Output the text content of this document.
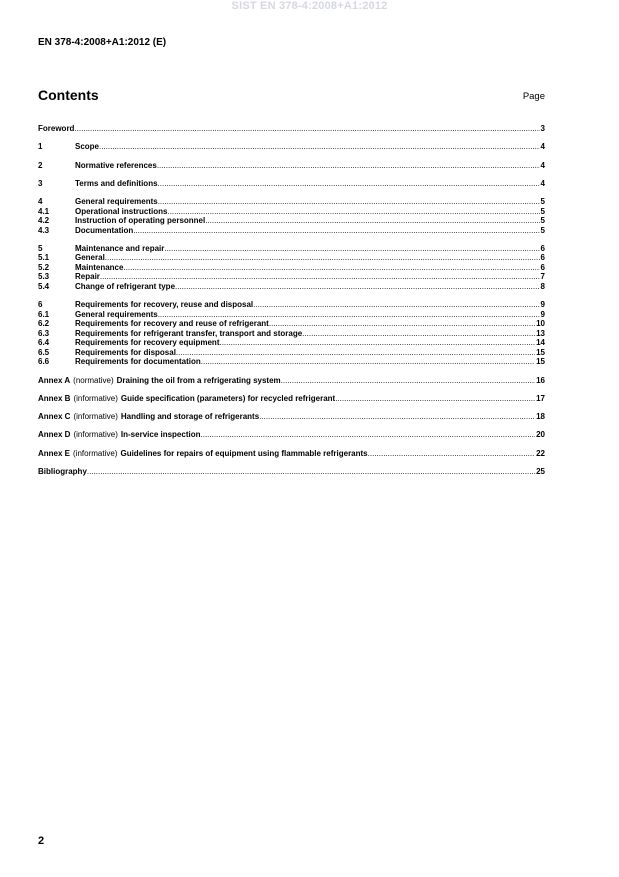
SIST EN 378-4:2008+A1:2012
EN 378-4:2008+A1:2012 (E)
Contents	Page
Foreword .....	3
1	Scope .....	4
2	Normative references .....	4
3	Terms and definitions .....	4
4	General requirements .....	5
4.1	Operational instructions .....	5
4.2	Instruction of operating personnel .....	5
4.3	Documentation .....	5
5	Maintenance and repair .....	6
5.1	General .....	6
5.2	Maintenance .....	6
5.3	Repair .....	7
5.4	Change of refrigerant type .....	8
6	Requirements for recovery, reuse and disposal .....	9
6.1	General requirements .....	9
6.2	Requirements for recovery and reuse of refrigerant .....	10
6.3	Requirements for refrigerant transfer, transport and storage .....	13
6.4	Requirements for recovery equipment .....	14
6.5	Requirements for disposal .....	15
6.6	Requirements for documentation .....	15
Annex A (normative) Draining the oil from a refrigerating system .....	16
Annex B (informative) Guide specification (parameters) for recycled refrigerant .....	17
Annex C (informative) Handling and storage of refrigerants .....	18
Annex D (informative) In-service inspection .....	20
Annex E (informative) Guidelines for repairs of equipment using flammable refrigerants .....	22
Bibliography .....	25
2
